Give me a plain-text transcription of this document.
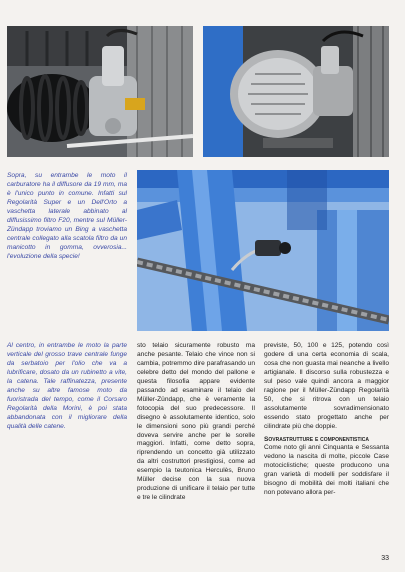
Sopra, su entrambe le moto il carburatore ha il diffusore da 19 mm, ma è l'unico punto in comune. Infatti sul Regolarità Super e un Dell'Orto a vaschetta laterale abbinato al diffusissimo filtro F20, mentre sul Müller-Zündapp troviamo un Bing a vaschetta centrale collegato alla scatola filtro da un manicotto in gomma, ovverosia... l'evoluzione della specie!

Al centro, in entrambe le moto la parte verticale del grosso trave centrale funge da serbatoio per l'olio che va a lubrificare, dosato da un rubinetto a vite, la catena. Tale raffinatezza, presente anche su altre famose moto da fuoristrada del tempo, come il Corsaro Regolarità della Morini, è poi stata abbandonata con il migliorare della qualità delle catene.

sto telaio sicuramente robusto ma anche pesante. Telaio che vince non si cambia, potremmo dire parafrasando un celebre detto del mondo del pallone e questa filosofia appare evidente passando ad esaminare il telaio del Müller-Zündapp, che è veramente la fotocopia del suo predecessore. Il disegno è assolutamente identico, solo le dimensioni sono più grandi perché doveva servire anche per le sorelle maggiori. Infatti, come detto sopra, riprendendo un concetto già utilizzato da altri costruttori prestigiosi, come ad esempio la teutonica Herculès, Bruno Müller decise con la sua nuova produzione di unificare il telaio per tutte e tre le cilindrate

previste, 50, 100 e 125, potendo così godere di una certa economia di scala, cosa che non guasta mai neanche a livello artigianale. Il discorso sulla robustezza e sul peso vale quindi ancora a maggior ragione per il Müller-Zündapp Regolarità 50, che si ritrova con un telaio assolutamente sovradimensionato essendo stato progettato anche per cilindrate più che doppie.

Sovrastrutture e componentistica

Come noto gli anni Cinquanta e Sessanta vedono la nascita di molte, piccole Case motociclistiche; queste producono una gran varietà di modelli per soddisfare il bisogno di mobilità dei molti italiani che non potevano allora per-

33
